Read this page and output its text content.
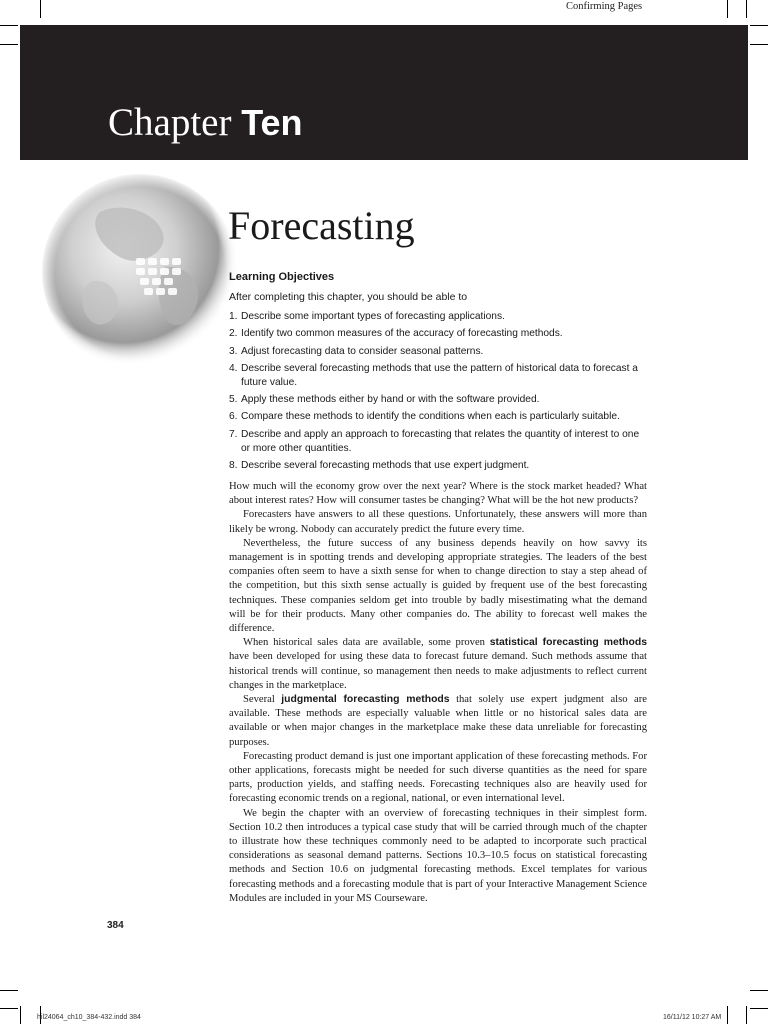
Confirming Pages
Chapter Ten
Forecasting
Learning Objectives
After completing this chapter, you should be able to
1. Describe some important types of forecasting applications.
2. Identify two common measures of the accuracy of forecasting methods.
3. Adjust forecasting data to consider seasonal patterns.
4. Describe several forecasting methods that use the pattern of historical data to forecast a future value.
5. Apply these methods either by hand or with the software provided.
6. Compare these methods to identify the conditions when each is particularly suitable.
7. Describe and apply an approach to forecasting that relates the quantity of interest to one or more other quantities.
8. Describe several forecasting methods that use expert judgment.

How much will the economy grow over the next year? Where is the stock market headed? What about interest rates? How will consumer tastes be changing? What will be the hot new products?

Forecasters have answers to all these questions. Unfortunately, these answers will more than likely be wrong. Nobody can accurately predict the future every time.

Nevertheless, the future success of any business depends heavily on how savvy its management is in spotting trends and developing appropriate strategies. The leaders of the best companies often seem to have a sixth sense for when to change direction to stay a step ahead of the competition, but this sixth sense actually is guided by frequent use of the best forecasting techniques. These companies seldom get into trouble by badly misestimating what the demand will be for their products. Many other companies do. The ability to forecast well makes the difference.

When historical sales data are available, some proven statistical forecasting methods have been developed for using these data to forecast future demand. Such methods assume that historical trends will continue, so management then needs to make adjustments to reflect current changes in the marketplace.

Several judgmental forecasting methods that solely use expert judgment also are available. These methods are especially valuable when little or no historical sales data are available or when major changes in the marketplace make these data unreliable for forecasting purposes.

Forecasting product demand is just one important application of these forecasting methods. For other applications, forecasts might be needed for such diverse quantities as the need for spare parts, production yields, and staffing needs. Forecasting techniques also are heavily used for forecasting economic trends on a regional, national, or even international level.

We begin the chapter with an overview of forecasting techniques in their simplest form. Section 10.2 then introduces a typical case study that will be carried through much of the chapter to illustrate how these techniques commonly need to be adapted to incorporate such practical considerations as seasonal demand patterns. Sections 10.3–10.5 focus on statistical forecasting methods and Section 10.6 on judgmental forecasting methods. Excel templates for various forecasting methods and a forecasting module that is part of your Interactive Management Science Modules are included in your MS Courseware.

384
hil24064_ch10_384-432.indd 384	16/11/12 10:27 AM
